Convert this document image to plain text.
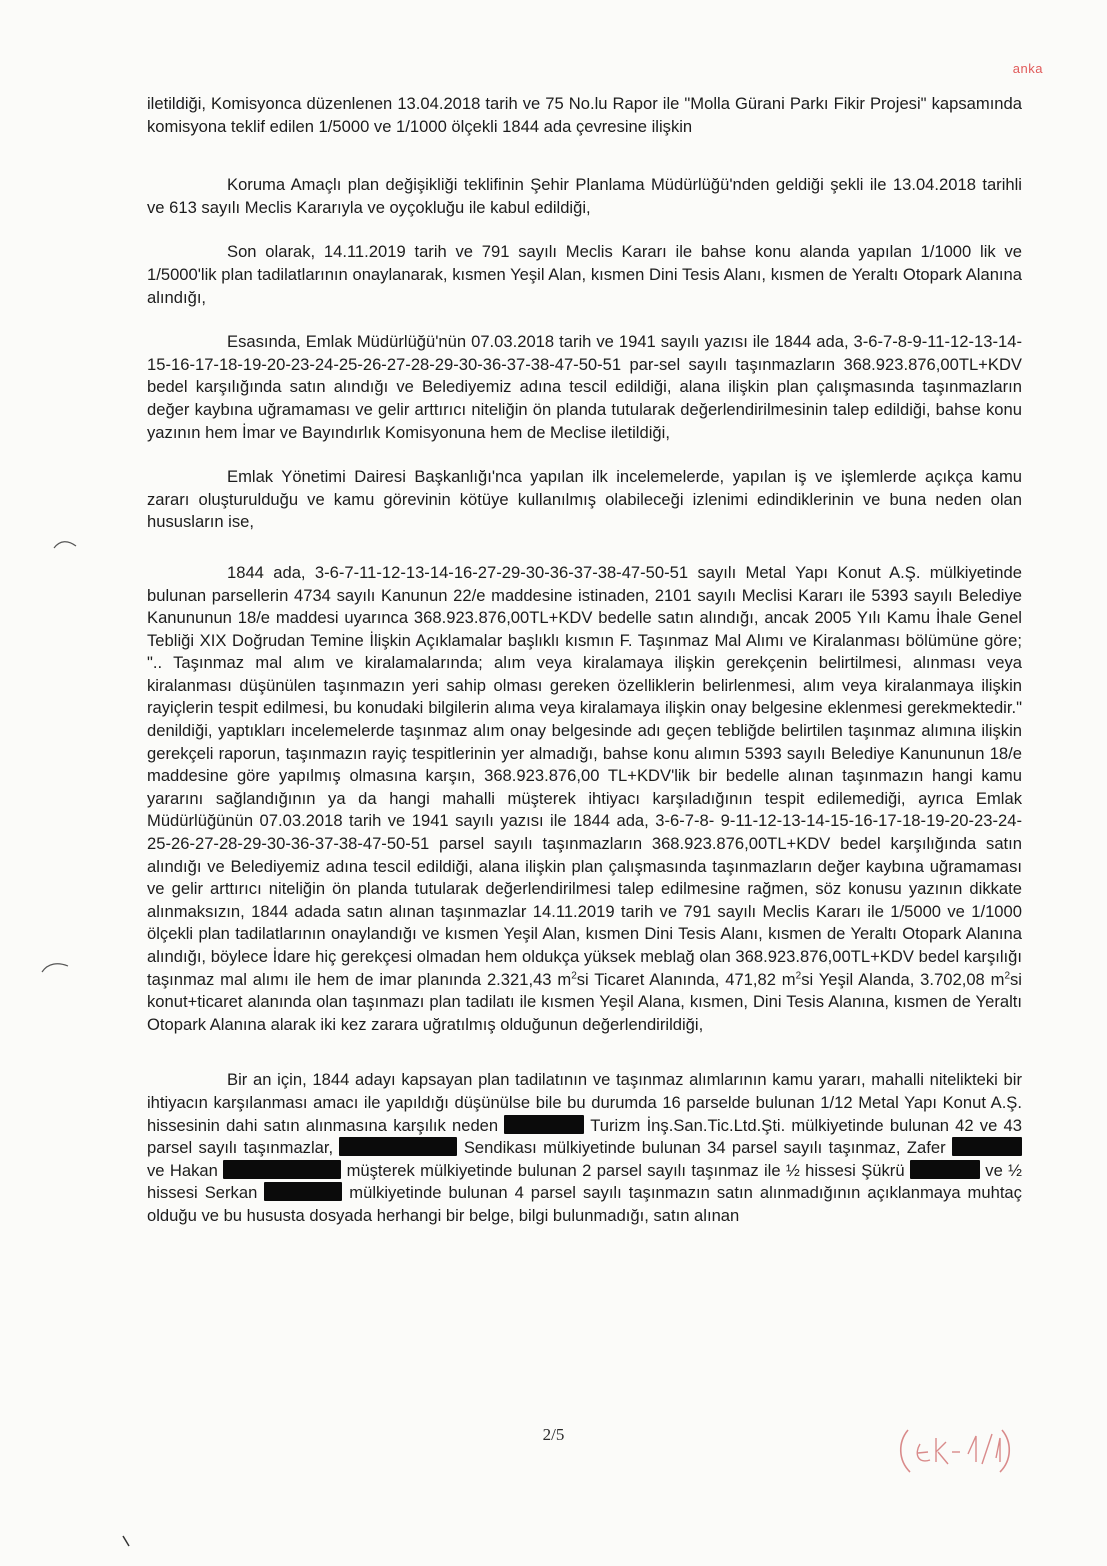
anka

iletildiği, Komisyonca düzenlenen 13.04.2018 tarih ve 75 No.lu Rapor ile "Molla Gürani Parkı Fikir Projesi" kapsamında komisyona teklif edilen 1/5000 ve 1/1000 ölçekli 1844 ada çevresine ilişkin

Koruma Amaçlı plan değişikliği teklifinin Şehir Planlama Müdürlüğü'nden geldiği şekli ile 13.04.2018 tarihli ve 613 sayılı Meclis Kararıyla ve oyçokluğu ile kabul edildiği,

Son olarak, 14.11.2019 tarih ve 791 sayılı Meclis Kararı ile bahse konu alanda yapılan 1/1000 lik ve 1/5000'lik plan tadilatlarının onaylanarak, kısmen Yeşil Alan, kısmen Dini Tesis Alanı, kısmen de Yeraltı Otopark Alanına alındığı,

Esasında, Emlak Müdürlüğü'nün 07.03.2018 tarih ve 1941 sayılı yazısı ile 1844 ada, 3-6-7-8-9-11-12-13-14-15-16-17-18-19-20-23-24-25-26-27-28-29-30-36-37-38-47-50-51 par-sel sayılı taşınmazların 368.923.876,00TL+KDV bedel karşılığında satın alındığı ve Belediyemiz adına tescil edildiği, alana ilişkin plan çalışmasında taşınmazların değer kaybına uğramaması ve gelir arttırıcı niteliğin ön planda tutularak değerlendirilmesinin talep edildiği, bahse konu yazının hem İmar ve Bayındırlık Komisyonuna hem de Meclise iletildiği,

Emlak Yönetimi Dairesi Başkanlığı'nca yapılan ilk incelemelerde, yapılan iş ve işlemlerde açıkça kamu zararı oluşturulduğu ve kamu görevinin kötüye kullanılmış olabileceği izlenimi edindiklerinin ve buna neden olan hususların ise,

1844 ada, 3-6-7-11-12-13-14-16-27-29-30-36-37-38-47-50-51 sayılı Metal Yapı Konut A.Ş. mülkiyetinde bulunan parsellerin 4734 sayılı Kanunun 22/e maddesine istinaden, 2101 sayılı Meclisi Kararı ile 5393 sayılı Belediye Kanununun 18/e maddesi uyarınca 368.923.876,00TL+KDV bedelle satın alındığı, ancak 2005 Yılı Kamu İhale Genel Tebliği XIX Doğrudan Temine İlişkin Açıklamalar başlıklı kısmın F. Taşınmaz Mal Alımı ve Kiralanması bölümüne göre; ".. Taşınmaz mal alım ve kiralamalarında; alım veya kiralamaya ilişkin gerekçenin belirtilmesi, alınması veya kiralanması düşünülen taşınmazın yeri sahip olması gereken özelliklerin belirlenmesi, alım veya kiralanmaya ilişkin rayiçlerin tespit edilmesi, bu konudaki bilgilerin alıma veya kiralamaya ilişkin onay belgesine eklenmesi gerekmektedir." denildiği, yaptıkları incelemelerde taşınmaz alım onay belgesinde adı geçen tebliğde belirtilen taşınmaz alımına ilişkin gerekçeli raporun, taşınmazın rayiç tespitlerinin yer almadığı, bahse konu alımın 5393 sayılı Belediye Kanununun 18/e maddesine göre yapılmış olmasına karşın, 368.923.876,00 TL+KDV'lik bir bedelle alınan taşınmazın hangi kamu yararını sağlandığının ya da hangi mahalli müşterek ihtiyacı karşıladığının tespit edilemediği, ayrıca Emlak Müdürlüğünün 07.03.2018 tarih ve 1941 sayılı yazısı ile 1844 ada, 3-6-7-8- 9-11-12-13-14-15-16-17-18-19-20-23-24-25-26-27-28-29-30-36-37-38-47-50-51 parsel sayılı taşınmazların 368.923.876,00TL+KDV bedel karşılığında satın alındığı ve Belediyemiz adına tescil edildiği, alana ilişkin plan çalışmasında taşınmazların değer kaybına uğramaması ve gelir arttırıcı niteliğin ön planda tutularak değerlendirilmesi talep edilmesine rağmen, söz konusu yazının dikkate alınmaksızın, 1844 adada satın alınan taşınmazlar 14.11.2019 tarih ve 791 sayılı Meclis Kararı ile 1/5000 ve 1/1000 ölçekli plan tadilatlarının onaylandığı ve kısmen Yeşil Alan, kısmen Dini Tesis Alanı, kısmen de Yeraltı Otopark Alanına alındığı, böylece İdare hiç gerekçesi olmadan hem oldukça yüksek meblağ olan 368.923.876,00TL+KDV bedel karşılığı taşınmaz mal alımı ile hem de imar planında 2.321,43 $m^2si$ Ticaret Alanında, 471,82 $m^2si$ Yeşil Alanda, 3.702,08 $m^2si$ konut+ticaret alanında olan taşınmazı plan tadilatı ile kısmen Yeşil Alana, kısmen, Dini Tesis Alanına, kısmen de Yeraltı Otopark Alanına alarak iki kez zarara uğratılmış olduğunun değerlendirildiği,

Bir an için, 1844 adayı kapsayan plan tadilatının ve taşınmaz alımlarının kamu yararı, mahalli nitelikteki bir ihtiyacın karşılanması amacı ile yapıldığı düşünülse bile bu durumda 16 parselde bulunan 1/12 Metal Yapı Konut A.Ş. hissesinin dahi satın alınmasına karşılık neden	Turizm İnş.San.Tic.Ltd.Şti. mülkiyetinde bulunan 42 ve 43 parsel sayılı taşınmazlar,	Sendikası mülkiyetinde bulunan 34 parsel sayılı taşınmaz, Zafer  ve Hakan	müşterek mülkiyetinde bulunan 2 parsel sayılı taşınmaz ile ½ hissesi Şükrü	ve ½ hissesi Serkan	mülkiyetinde bulunan 4 parsel sayılı taşınmazın satın alınmadığının açıklanmaya muhtaç olduğu ve bu hususta dosyada herhangi bir belge, bilgi bulunmadığı, satın alınan

2/5
